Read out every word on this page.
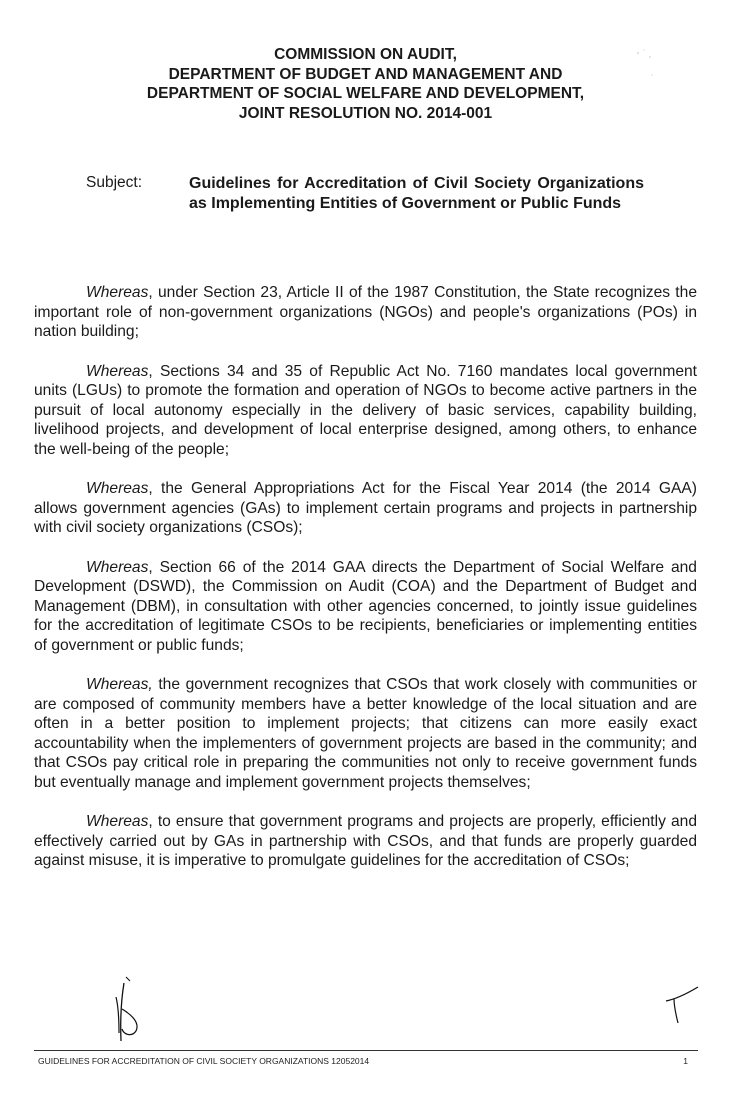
COMMISSION ON AUDIT,
DEPARTMENT OF BUDGET AND MANAGEMENT AND
DEPARTMENT OF SOCIAL WELFARE AND DEVELOPMENT,
JOINT RESOLUTION NO. 2014-001
Subject:	Guidelines for Accreditation of Civil Society Organizations as Implementing Entities of Government or Public Funds

Whereas, under Section 23, Article II of the 1987 Constitution, the State recognizes the important role of non-government organizations (NGOs) and people's organizations (POs) in nation building;

Whereas, Sections 34 and 35 of Republic Act No. 7160 mandates local government units (LGUs) to promote the formation and operation of NGOs to become active partners in the pursuit of local autonomy especially in the delivery of basic services, capability building, livelihood projects, and development of local enterprise designed, among others, to enhance the well-being of the people;

Whereas, the General Appropriations Act for the Fiscal Year 2014 (the 2014 GAA) allows government agencies (GAs) to implement certain programs and projects in partnership with civil society organizations (CSOs);

Whereas, Section 66 of the 2014 GAA directs the Department of Social Welfare and Development (DSWD), the Commission on Audit (COA) and the Department of Budget and Management (DBM), in consultation with other agencies concerned, to jointly issue guidelines for the accreditation of legitimate CSOs to be recipients, beneficiaries or implementing entities of government or public funds;

Whereas, the government recognizes that CSOs that work closely with communities or are composed of community members have a better knowledge of the local situation and are often in a better position to implement projects; that citizens can more easily exact accountability when the implementers of government projects are based in the community; and that CSOs pay critical role in preparing the communities not only to receive government funds but eventually manage and implement government projects themselves;

Whereas, to ensure that government programs and projects are properly, efficiently and effectively carried out by GAs in partnership with CSOs, and that funds are properly guarded against misuse, it is imperative to promulgate guidelines for the accreditation of CSOs;

GUIDELINES FOR ACCREDITATION OF CIVIL SOCIETY ORGANIZATIONS 12052014	1
